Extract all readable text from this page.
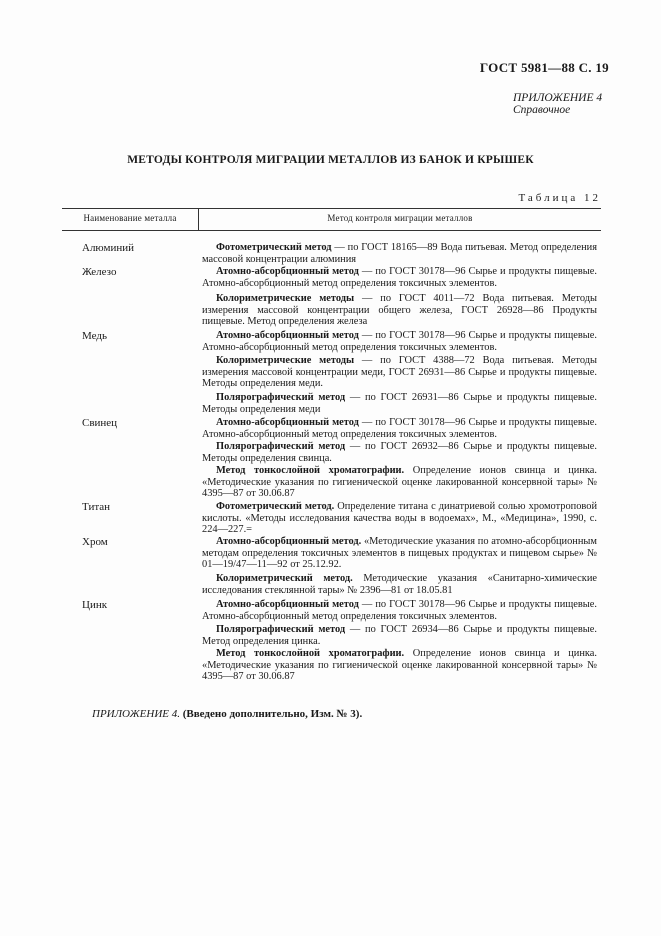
ГОСТ 5981—88 С. 19
ПРИЛОЖЕНИЕ 4
Справочное
МЕТОДЫ КОНТРОЛЯ МИГРАЦИИ МЕТАЛЛОВ ИЗ БАНОК И КРЫШЕК
Таблица 12
Наименование металла	Метод контроля миграции металлов
Алюминий
Железо
Медь
Свинец
Титан
Хром
Цинк

Фотометрический метод — по ГОСТ 18165—89 Вода питьевая. Метод определения массовой концентрации алюминия

Атомно-абсорбционный метод — по ГОСТ 30178—96 Сырье и продукты пищевые. Атомно-абсорбционный метод определения токсичных элементов.

Колориметрические методы — по ГОСТ 4011—72 Вода питьевая. Методы измерения массовой концентрации общего железа, ГОСТ 26928—86 Продукты пищевые. Метод определения железа

Атомно-абсорбционный метод — по ГОСТ 30178—96 Сырье и продукты пищевые. Атомно-абсорбционный метод определения токсичных элементов.

Колориметрические методы — по ГОСТ 4388—72 Вода питьевая. Методы измерения массовой концентрации меди, ГОСТ 26931—86 Сырье и продукты пищевые. Методы определения меди.

Полярографический метод — по ГОСТ 26931—86 Сырье и продукты пищевые. Методы определения меди

Атомно-абсорбционный метод — по ГОСТ 30178—96 Сырье и продукты пищевые. Атомно-абсорбционный метод определения токсичных элементов.

Полярографический метод — по ГОСТ 26932—86 Сырье и продукты пищевые. Методы определения свинца.

Метод тонкослойной хроматографии. Определение ионов свинца и цинка. «Методические указания по гигиенической оценке лакированной консервной тары» № 4395—87 от 30.06.87

Фотометрический метод. Определение титана с динатриевой солью хромотроповой кислоты. «Методы исследования качества воды в водоемах», М., «Медицина», 1990, с. 224—227.=

Атомно-абсорбционный метод. «Методические указания по атомно-абсорбционным методам определения токсичных элементов в пищевых продуктах и пищевом сырье» № 01—19/47—11—92 от 25.12.92.

Колориметрический метод. Методические указания «Санитарно-химические исследования стеклянной тары» № 2396—81 от 18.05.81

Атомно-абсорбционный метод — по ГОСТ 30178—96 Сырье и продукты пищевые. Атомно-абсорбционный метод определения токсичных элементов.

Полярографический метод — по ГОСТ 26934—86 Сырье и продукты пищевые. Метод определения цинка.

Метод тонкослойной хроматографии. Определение ионов свинца и цинка. «Методические указания по гигиенической оценке лакированной консервной тары» № 4395—87 от 30.06.87

ПРИЛОЖЕНИЕ 4. (Введено дополнительно, Изм. № 3).
